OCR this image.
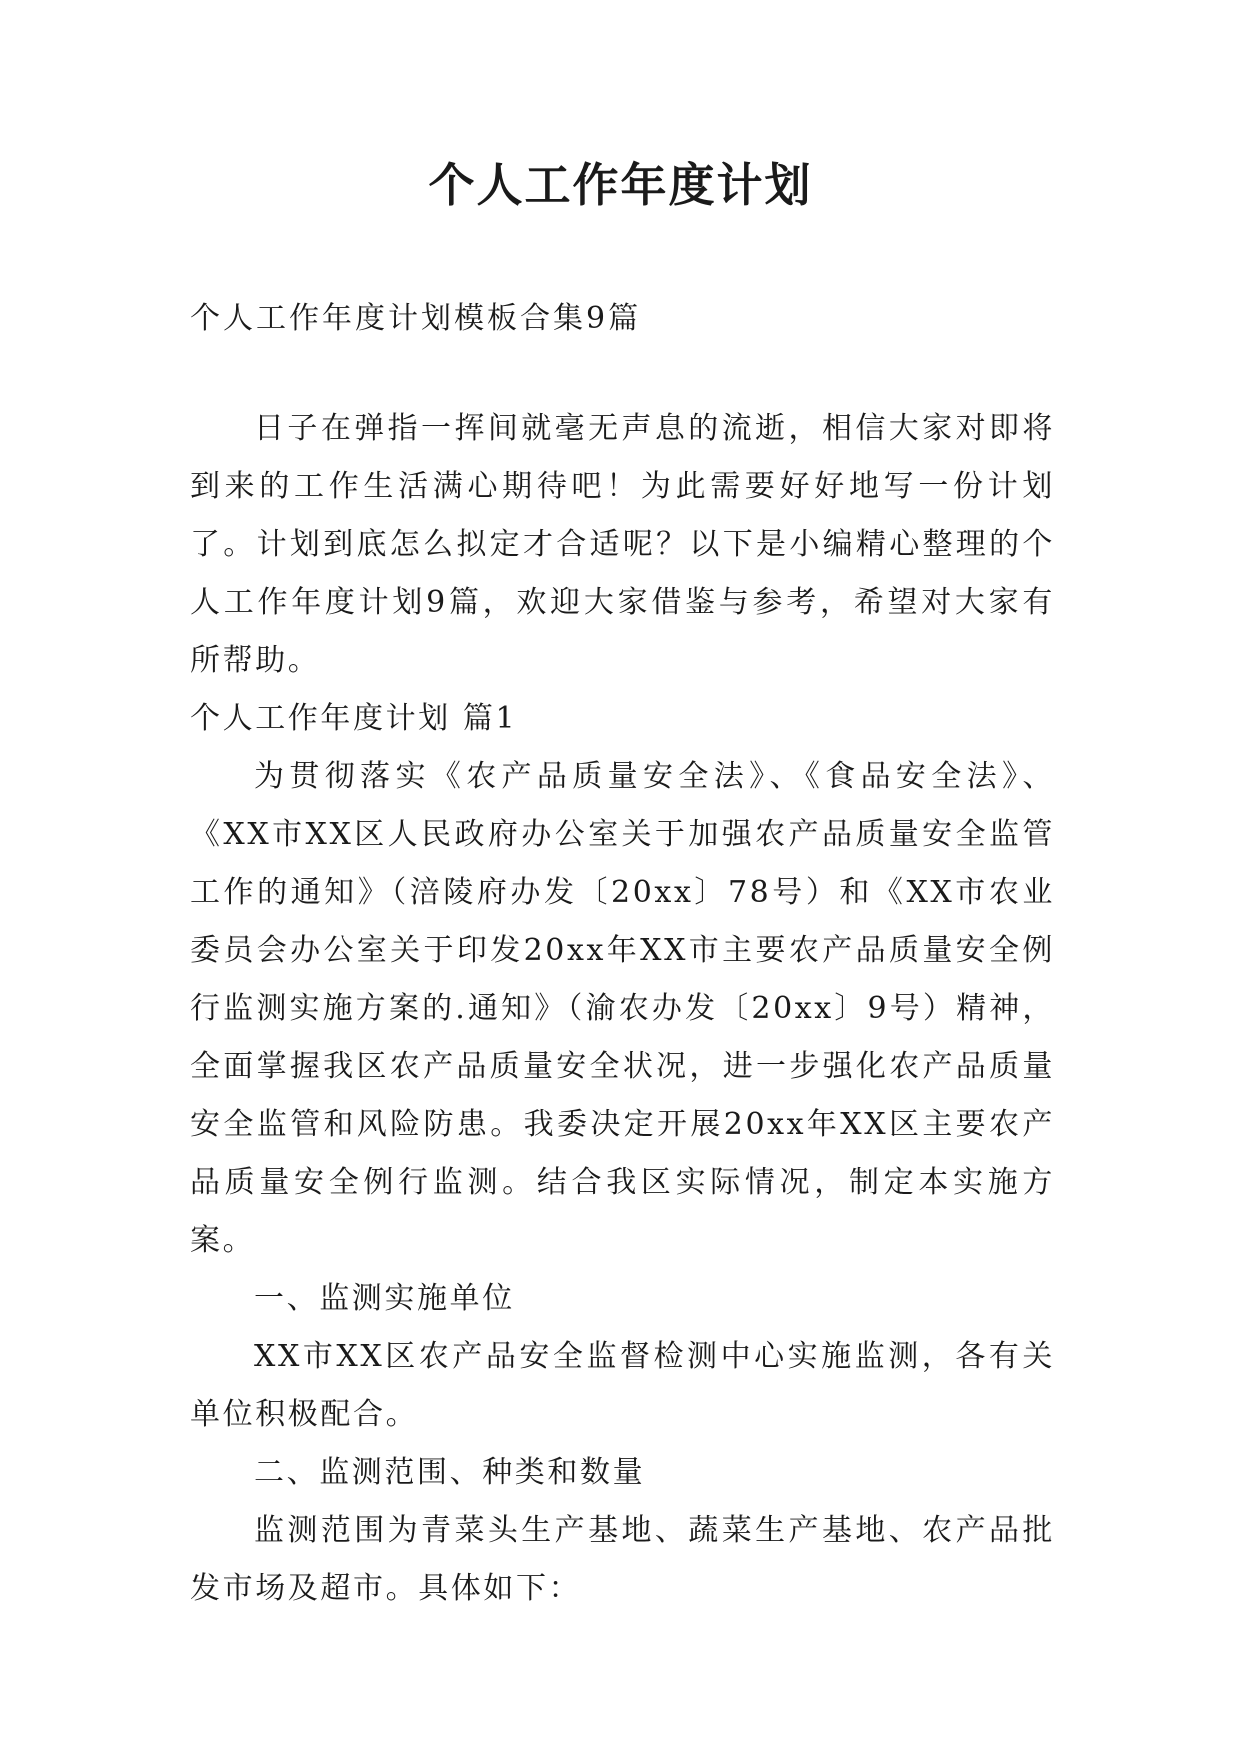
个人工作年度计划

个人工作年度计划模板合集9篇

日子在弹指一挥间就毫无声息的流逝，相信大家对即将到来的工作生活满心期待吧！为此需要好好地写一份计划了。计划到底怎么拟定才合适呢？以下是小编精心整理的个人工作年度计划9篇，欢迎大家借鉴与参考，希望对大家有所帮助。

个人工作年度计划 篇1

为贯彻落实《农产品质量安全法》、《食品安全法》、《XX市XX区人民政府办公室关于加强农产品质量安全监管工作的通知》（涪陵府办发〔20xx〕78号）和《XX市农业委员会办公室关于印发20xx年XX市主要农产品质量安全例行监测实施方案的.通知》（渝农办发〔20xx〕9号）精神，全面掌握我区农产品质量安全状况，进一步强化农产品质量安全监管和风险防患。我委决定开展20xx年XX区主要农产品质量安全例行监测。结合我区实际情况，制定本实施方案。

一、监测实施单位

XX市XX区农产品安全监督检测中心实施监测，各有关单位积极配合。

二、监测范围、种类和数量

监测范围为青菜头生产基地、蔬菜生产基地、农产品批发市场及超市。具体如下：
